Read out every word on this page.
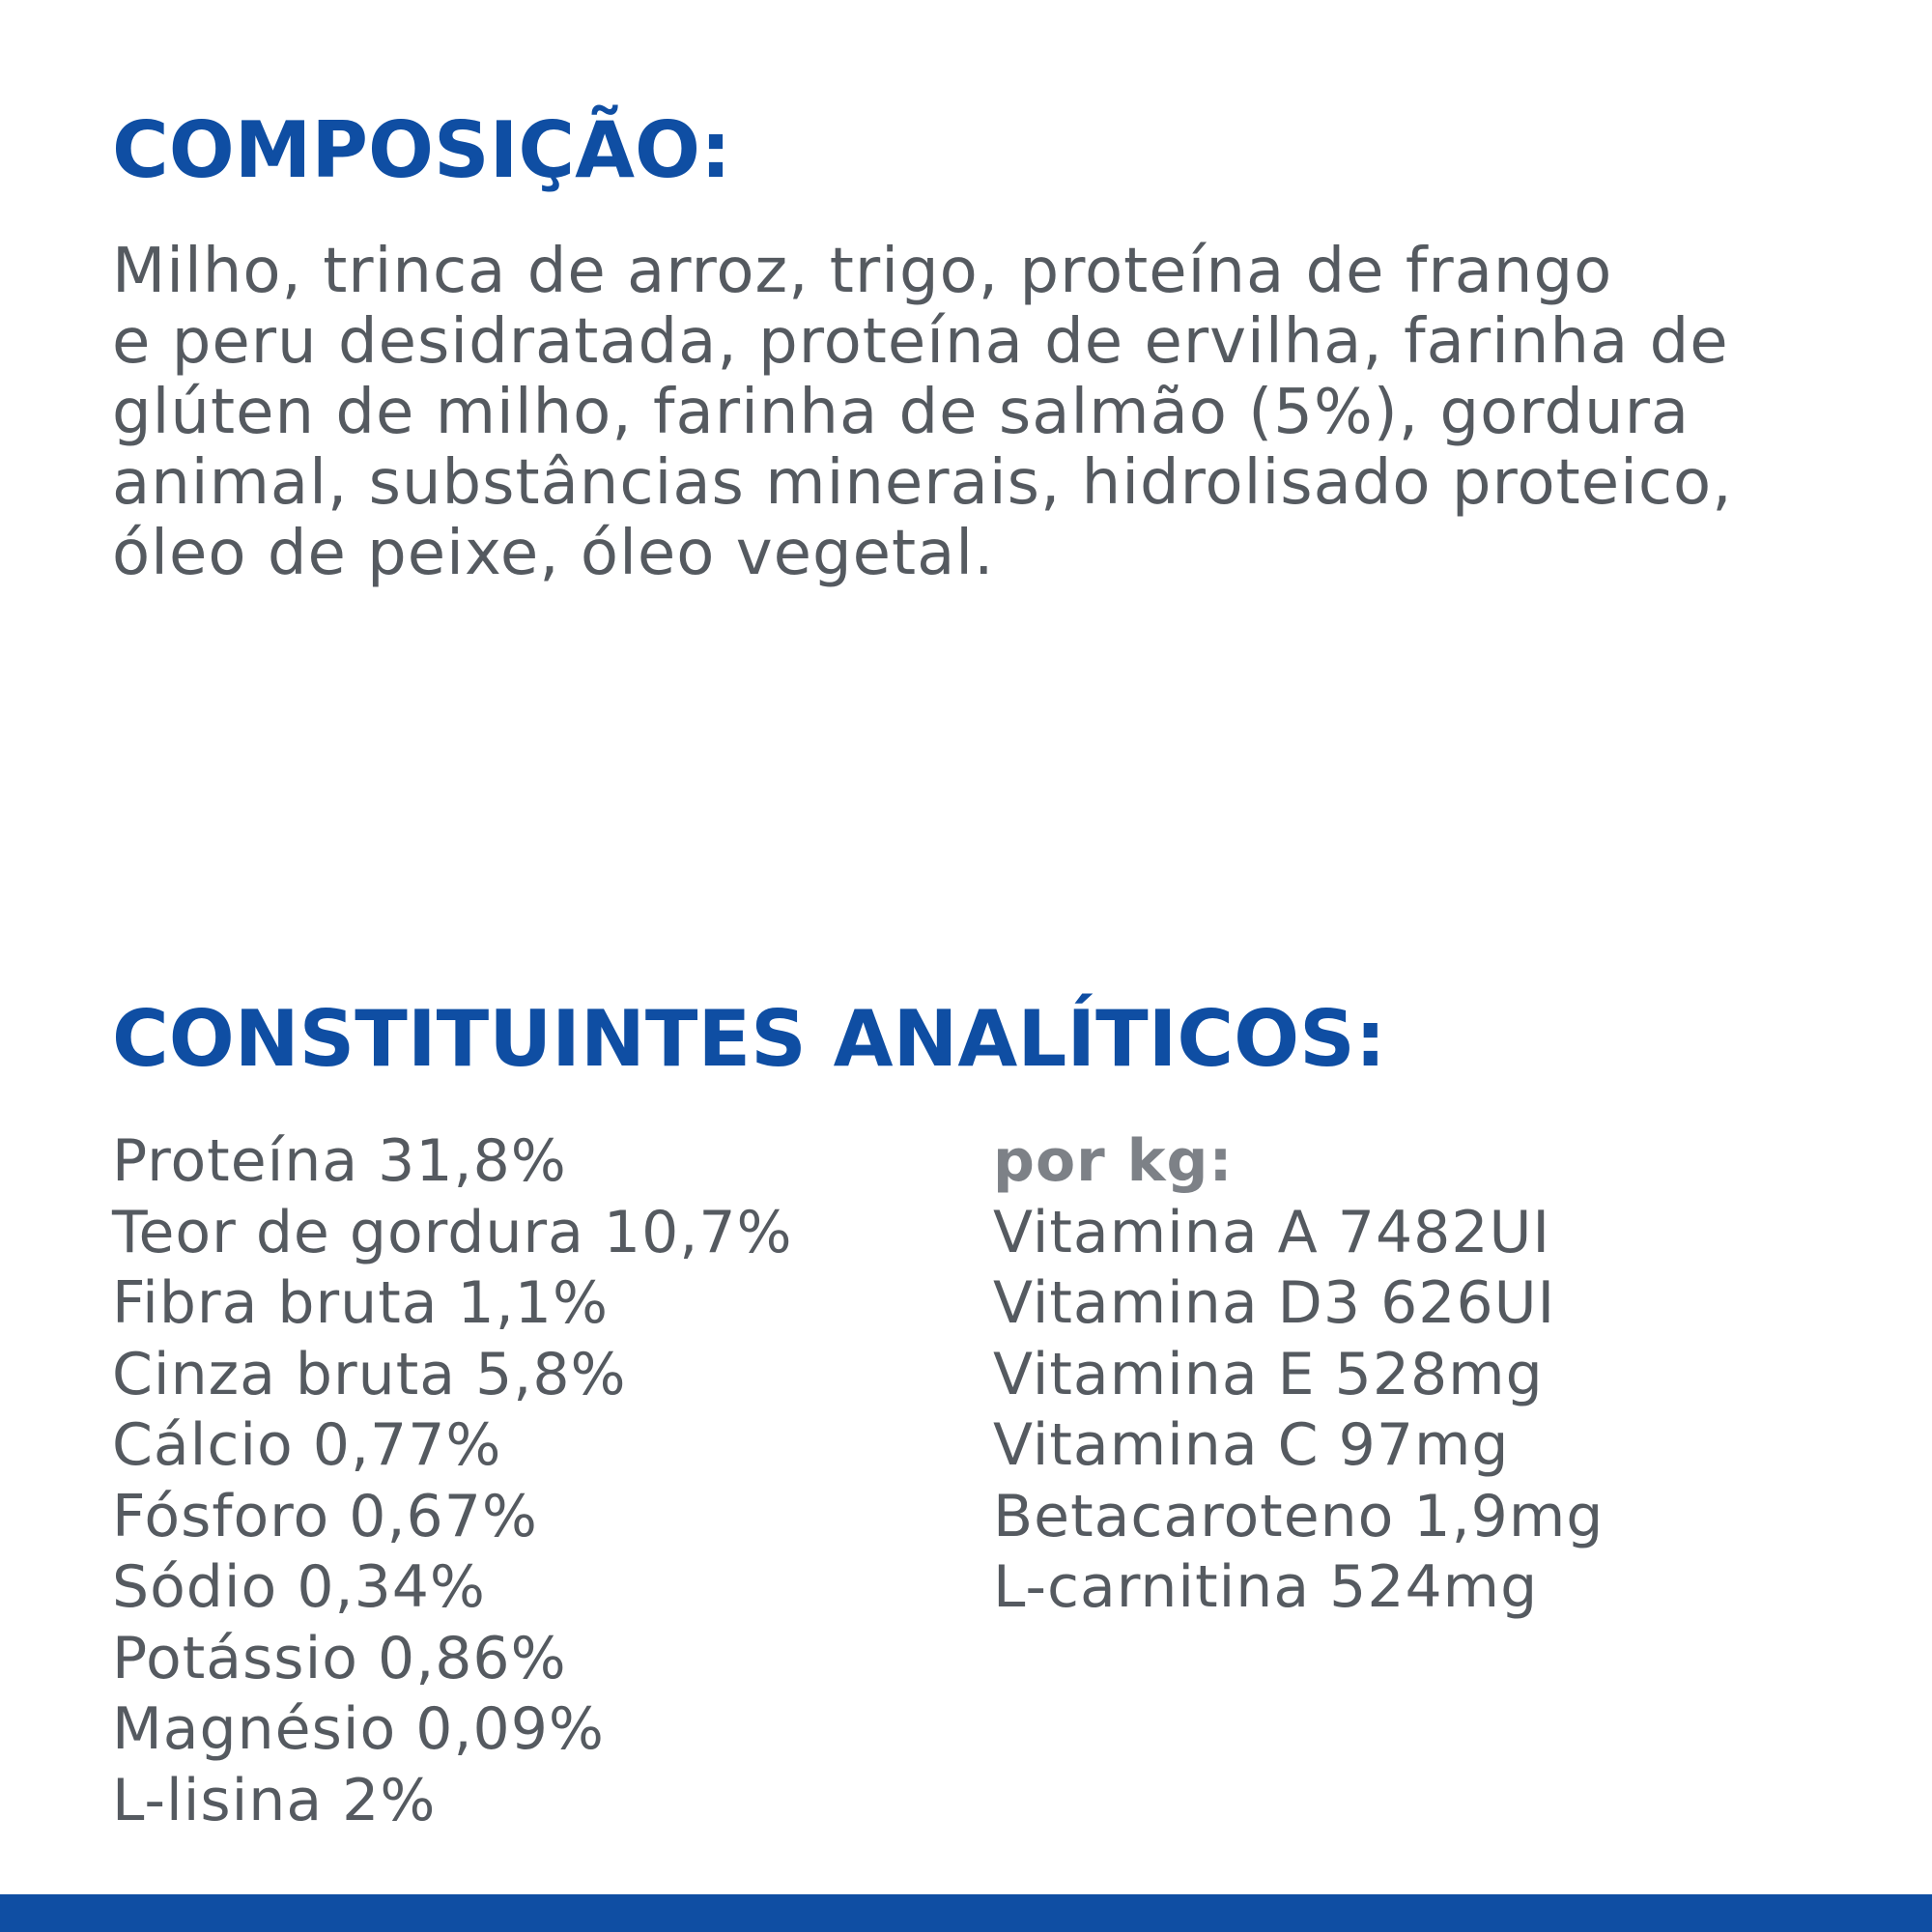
COMPOSIÇÃO:
Milho, trinca de arroz, trigo, proteína de frango
e peru desidratada, proteína de ervilha, farinha de
glúten de milho, farinha de salmão (5%), gordura
animal, substâncias minerais, hidrolisado proteico,
óleo de peixe, óleo vegetal.
CONSTITUINTES ANALÍTICOS:
Proteína 31,8%
Teor de gordura 10,7%
Fibra bruta 1,1%
Cinza bruta 5,8%
Cálcio 0,77%
Fósforo 0,67%
Sódio 0,34%
Potássio 0,86%
Magnésio 0,09%
L-lisina 2%
por kg:
Vitamina A 7482UI
Vitamina D3 626UI
Vitamina E 528mg
Vitamina C 97mg
Betacaroteno 1,9mg
L-carnitina 524mg
